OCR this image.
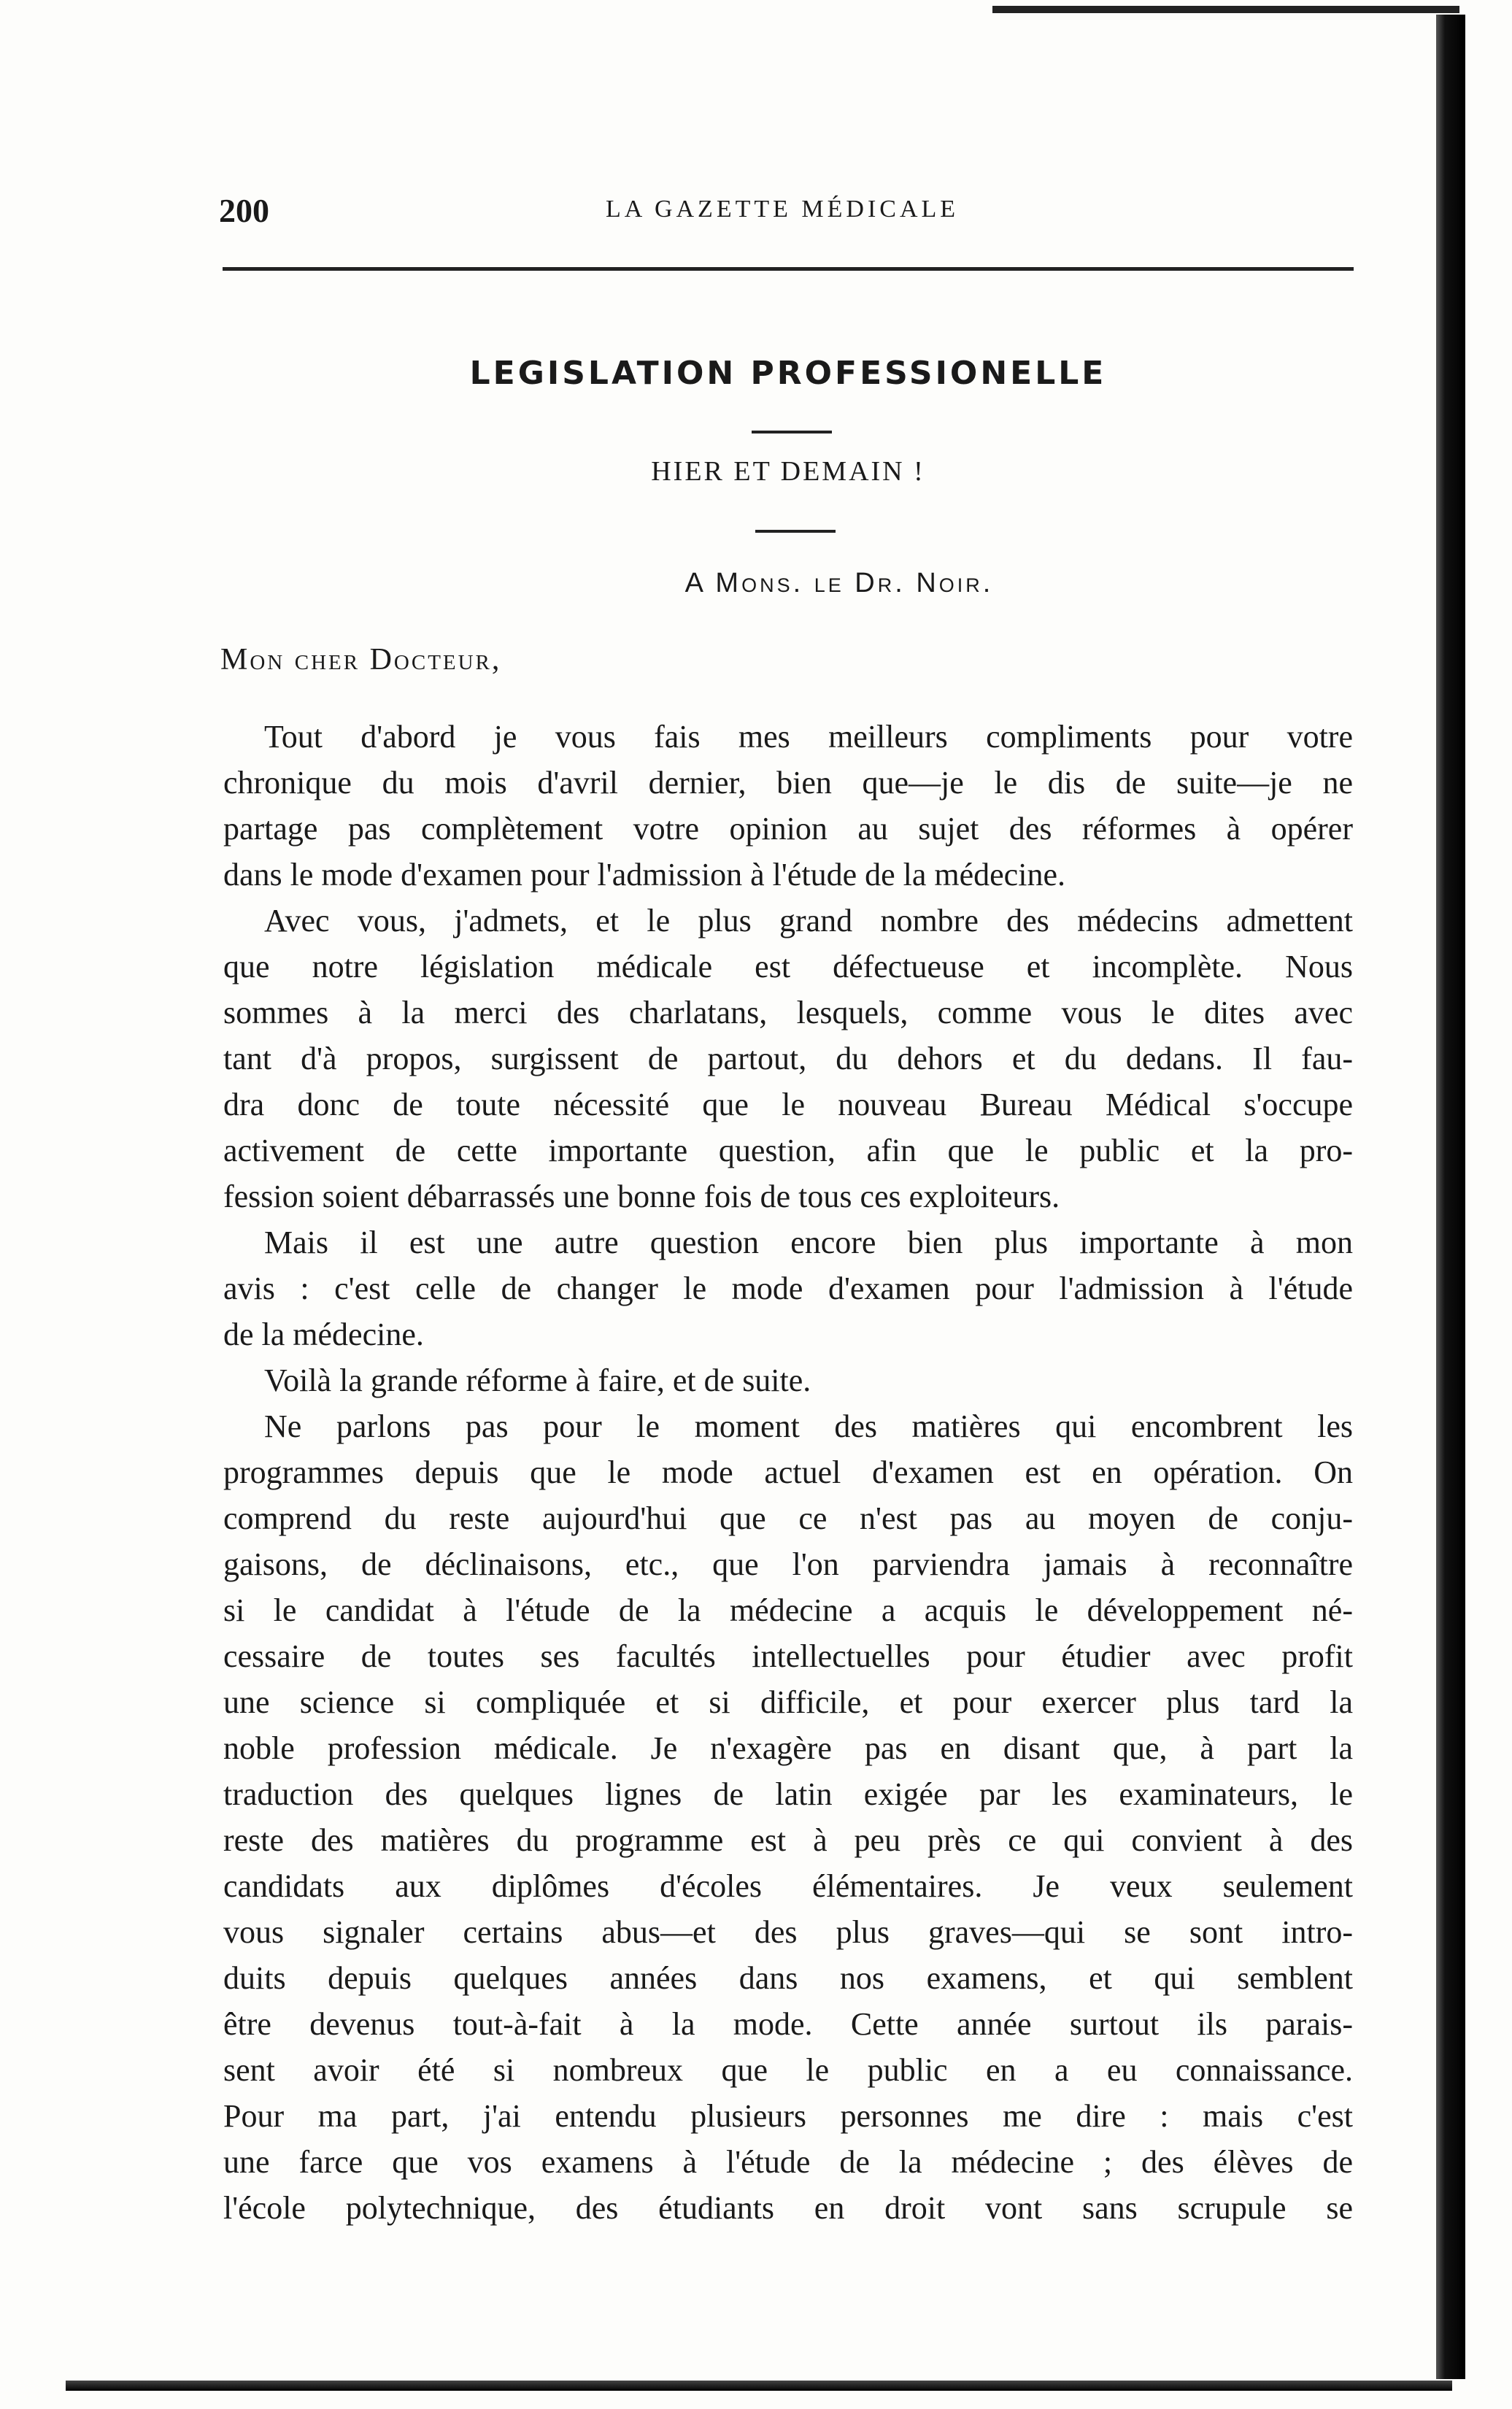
200	LA GAZETTE MÉDICALE
LEGISLATION PROFESSIONELLE
HIER ET DEMAIN !
A Mons. le Dr. Noir.
Mon cher Docteur,
Tout d'abord je vous fais mes meilleurs compliments pour votre
chronique du mois d'avril dernier, bien que—je le dis de suite—je ne
partage pas complètement votre opinion au sujet des réformes à opérer
dans le mode d'examen pour l'admission à l'étude de la médecine.
Avec vous, j'admets, et le plus grand nombre des médecins admettent
que notre législation médicale est défectueuse et incomplète. Nous
sommes à la merci des charlatans, lesquels, comme vous le dites avec
tant d'à propos, surgissent de partout, du dehors et du dedans. Il fau-
dra donc de toute nécessité que le nouveau Bureau Médical s'occupe
activement de cette importante question, afin que le public et la pro-
fession soient débarrassés une bonne fois de tous ces exploiteurs.
Mais il est une autre question encore bien plus importante à mon
avis : c'est celle de changer le mode d'examen pour l'admission à l'étude
de la médecine.
Voilà la grande réforme à faire, et de suite.
Ne parlons pas pour le moment des matières qui encombrent les
programmes depuis que le mode actuel d'examen est en opération. On
comprend du reste aujourd'hui que ce n'est pas au moyen de conju-
gaisons, de déclinaisons, etc., que l'on parviendra jamais à reconnaître
si le candidat à l'étude de la médecine a acquis le développement né-
cessaire de toutes ses facultés intellectuelles pour étudier avec profit
une science si compliquée et si difficile, et pour exercer plus tard la
noble profession médicale. Je n'exagère pas en disant que, à part la
traduction des quelques lignes de latin exigée par les examinateurs, le
reste des matières du programme est à peu près ce qui convient à des
candidats aux diplômes d'écoles élémentaires. Je veux seulement
vous signaler certains abus—et des plus graves—qui se sont intro-
duits depuis quelques années dans nos examens, et qui semblent
être devenus tout-à-fait à la mode. Cette année surtout ils parais-
sent avoir été si nombreux que le public en a eu connaissance.
Pour ma part, j'ai entendu plusieurs personnes me dire : mais c'est
une farce que vos examens à l'étude de la médecine ; des élèves de
l'école polytechnique, des étudiants en droit vont sans scrupule se
